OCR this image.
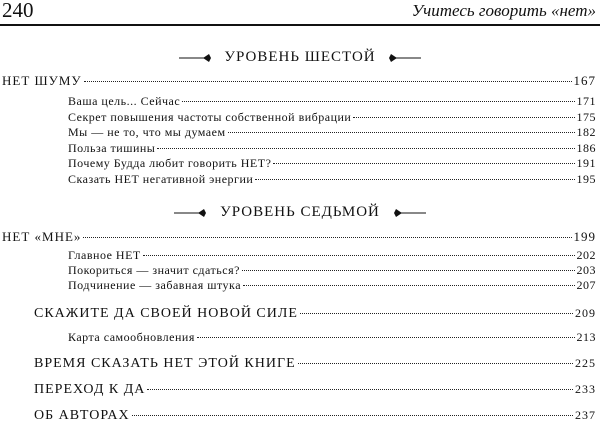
240	Учитесь говорить «нет»
УРОВЕНЬ ШЕСТОЙ
НЕТ ШУМУ	167
Ваша цель... Сейчас	171
Секрет повышения частоты собственной вибрации	175
Мы — не то, что мы думаем	182
Польза тишины	186
Почему Будда любит говорить НЕТ?	191
Сказать НЕТ негативной энергии	195
УРОВЕНЬ СЕДЬМОЙ
НЕТ «МНЕ»	199
Главное НЕТ	202
Покориться — значит сдаться?	203
Подчинение — забавная штука	207
СКАЖИТЕ ДА СВОЕЙ НОВОЙ СИЛЕ	209
Карта самообновления	213
ВРЕМЯ СКАЗАТЬ НЕТ ЭТОЙ КНИГЕ	225
ПЕРЕХОД К ДА	233
ОБ АВТОРАХ	237
